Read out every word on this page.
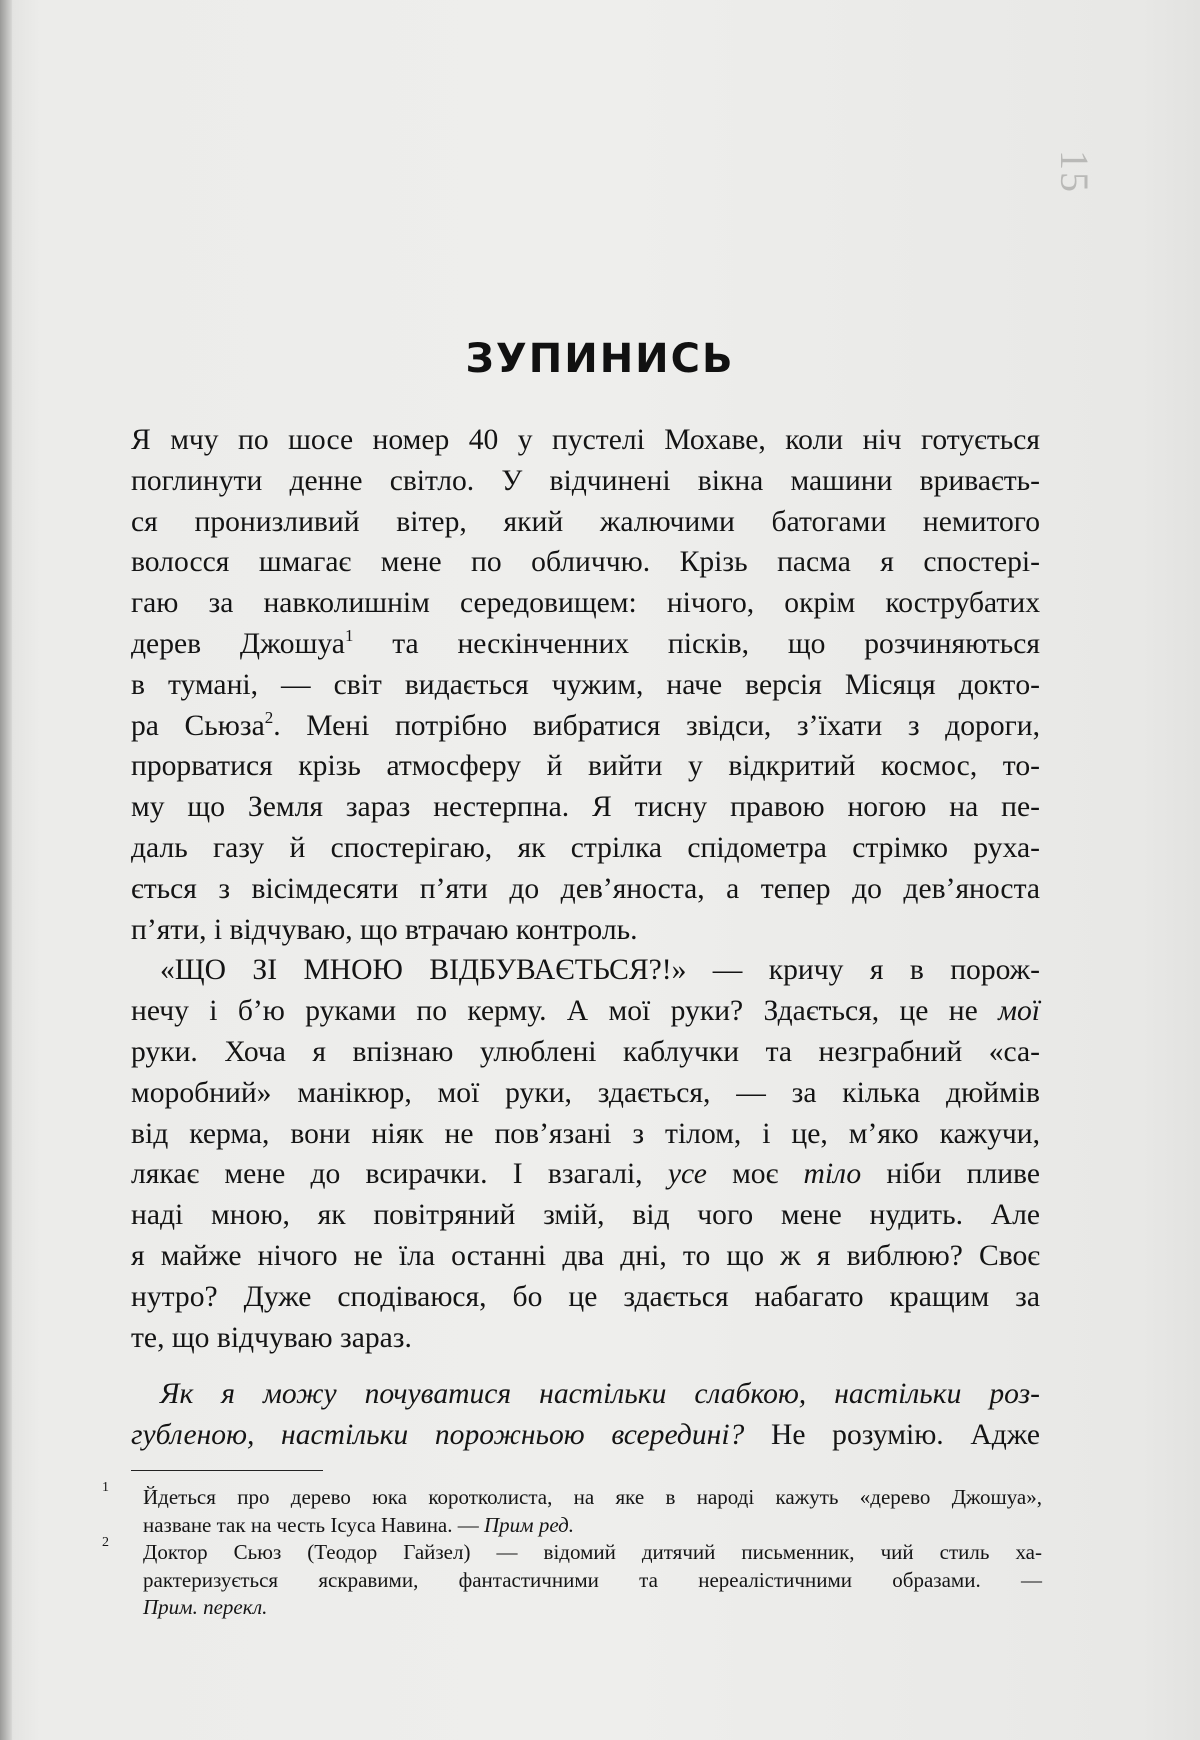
15
ЗУПИНИСЬ
Я мчу по шосе номер 40 у пустелі Мохаве, коли ніч готується
поглинути денне світло. У відчинені вікна машини вриваєть-
ся пронизливий вітер, який жалючими батогами немитого
волосся шмагає мене по обличчю. Крізь пасма я спостері-
гаю за навколишнім середовищем: нічого, окрім кострубатих
дерев Джошуа$^1$ та нескінченних пісків, що розчиняються
в тумані, — світ видається чужим, наче версія Місяця доктo-
ра Сьюза$^2$. Мені потрібно вибратися звідси, з’їхати з дороги,
прорватися крізь атмосферу й вийти у відкритий космос, то-
му що Земля зараз нестерпна. Я тисну правою ногою на пе-
даль газу й спостерігаю, як стрілка спідометра стрімко руха-
ється з вісімдесяти п’яти до дев’яноста, а тепер до дев’яноста
п’яти, і відчуваю, що втрачаю контроль.
«ЩО ЗІ МНОЮ ВІДБУВАЄТЬСЯ?!» — кричу я в порож-
нечу і б’ю руками по керму. А мої руки? Здається, це не мої
руки. Хоча я впізнаю улюблені каблучки та незграбний «са-
моробний» манікюр, мої руки, здається, — за кілька дюймів
від керма, вони ніяк не пов’язані з тілом, і це, м’яко кажучи,
лякає мене до всирачки. І взагалі, усе моє тіло ніби пливе
наді мною, як повітряний змій, від чого мене нудить. Але
я майже нічого не їла останні два дні, то що ж я виблюю? Своє
нутро? Дуже сподіваюся, бо це здається набагато кращим за
те, що відчуваю зараз.
Як я можу почуватися настільки слабкою, настільки роз-
губленою, настільки порожньою всередині? Не розумію. Адже
1 Йдеться про дерево юка коротколиста, на яке в народі кажуть «дерево Джошуа»,
назване так на честь Ісуса Навина. — Прим ред.
2 Доктор Сьюз (Теодор Гайзел) — відомий дитячий письменник, чий стиль ха-
рактеризується яскравими, фантастичними та нереалістичними образами. —
Прим. перекл.
